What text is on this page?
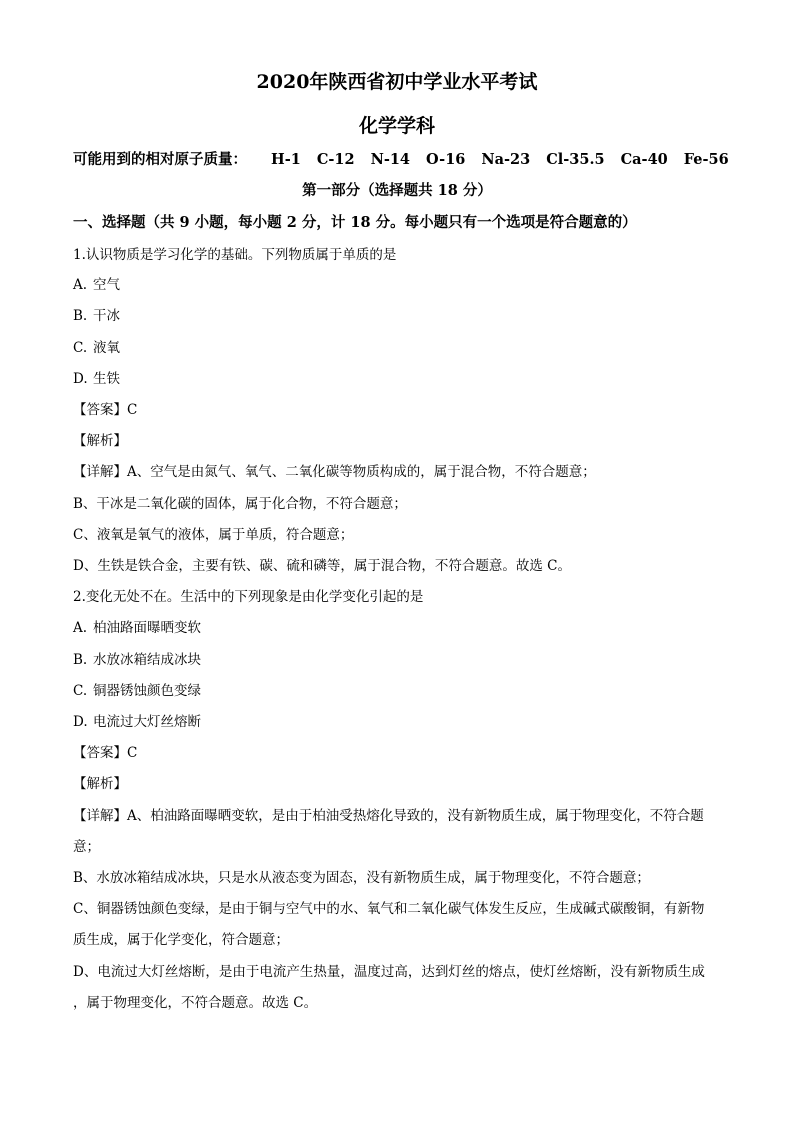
2020年陕西省初中学业水平考试
化学学科
可能用到的相对原子质量： H-1 C-12 N-14 O-16 Na-23 Cl-35.5 Ca-40 Fe-56
第一部分（选择题共 18 分）
一、选择题（共 9 小题，每小题 2 分，计 18 分。每小题只有一个选项是符合题意的）
1.认识物质是学习化学的基础。下列物质属于单质的是
A. 空气
B. 干冰
C. 液氧
D. 生铁
【答案】C
【解析】
【详解】A、空气是由氮气、氧气、二氧化碳等物质构成的，属于混合物，不符合题意；
B、干冰是二氧化碳的固体，属于化合物，不符合题意；
C、液氧是氧气的液体，属于单质，符合题意；
D、生铁是铁合金，主要有铁、碳、硫和磷等，属于混合物，不符合题意。故选 C。
2.变化无处不在。生活中的下列现象是由化学变化引起的是
A. 柏油路面曝晒变软
B. 水放冰箱结成冰块
C. 铜器锈蚀颜色变绿
D. 电流过大灯丝熔断
【答案】C
【解析】
【详解】A、柏油路面曝晒变软，是由于柏油受热熔化导致的，没有新物质生成，属于物理变化，不符合题
意；
B、水放冰箱结成冰块，只是水从液态变为固态，没有新物质生成，属于物理变化，不符合题意；
C、铜器锈蚀颜色变绿，是由于铜与空气中的水、氧气和二氧化碳气体发生反应，生成碱式碳酸铜，有新物
质生成，属于化学变化，符合题意；
D、电流过大灯丝熔断，是由于电流产生热量，温度过高，达到灯丝的熔点，使灯丝熔断，没有新物质生成
，属于物理变化，不符合题意。故选 C。
